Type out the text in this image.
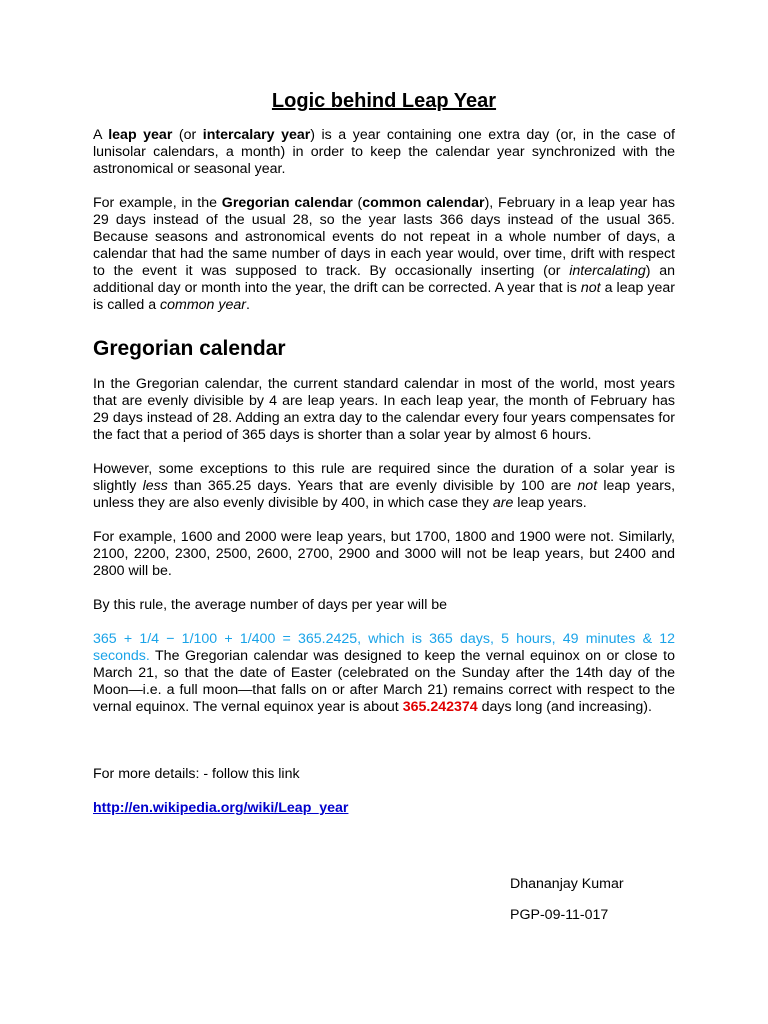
Logic behind Leap Year

A leap year (or intercalary year) is a year containing one extra day (or, in the case of lunisolar calendars, a month) in order to keep the calendar year synchronized with the astronomical or seasonal year.

For example, in the Gregorian calendar (common calendar), February in a leap year has 29 days instead of the usual 28, so the year lasts 366 days instead of the usual 365. Because seasons and astronomical events do not repeat in a whole number of days, a calendar that had the same number of days in each year would, over time, drift with respect to the event it was supposed to track. By occasionally inserting (or intercalating) an additional day or month into the year, the drift can be corrected. A year that is not a leap year is called a common year.

Gregorian calendar

In the Gregorian calendar, the current standard calendar in most of the world, most years that are evenly divisible by 4 are leap years. In each leap year, the month of February has 29 days instead of 28. Adding an extra day to the calendar every four years compensates for the fact that a period of 365 days is shorter than a solar year by almost 6 hours.

However, some exceptions to this rule are required since the duration of a solar year is slightly less than 365.25 days. Years that are evenly divisible by 100 are not leap years, unless they are also evenly divisible by 400, in which case they are leap years.

For example, 1600 and 2000 were leap years, but 1700, 1800 and 1900 were not. Similarly, 2100, 2200, 2300, 2500, 2600, 2700, 2900 and 3000 will not be leap years, but 2400 and 2800 will be.

By this rule, the average number of days per year will be

365 + 1/4 − 1/100 + 1/400 = 365.2425, which is 365 days, 5 hours, 49 minutes & 12 seconds. The Gregorian calendar was designed to keep the vernal equinox on or close to March 21, so that the date of Easter (celebrated on the Sunday after the 14th day of the Moon—i.e. a full moon—that falls on or after March 21) remains correct with respect to the vernal equinox. The vernal equinox year is about 365.242374 days long (and increasing).

For more details: - follow this link

http://en.wikipedia.org/wiki/Leap_year

Dhananjay Kumar
PGP-09-11-017
